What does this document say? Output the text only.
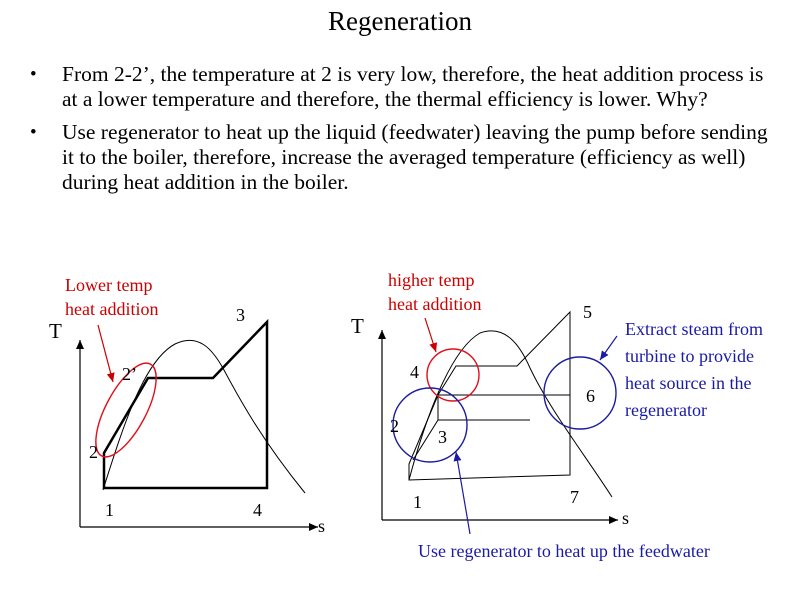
Regeneration
• From 2-2’, the temperature at 2 is very low, therefore, the heat addition process is at a lower temperature and therefore, the thermal efficiency is lower. Why?
• Use regenerator to heat up the liquid (feedwater) leaving the pump before sending it to the boiler, therefore, increase the averaged temperature (efficiency as well) during heat addition in the boiler.
T
s
1
2
2’
3
4
Lower temp
heat addition
T
s
1
2
3
4
5
6
7
higher temp
heat addition
Extract steam from
turbine to provide
heat source in the
regenerator
Use regenerator to heat up the feedwater
